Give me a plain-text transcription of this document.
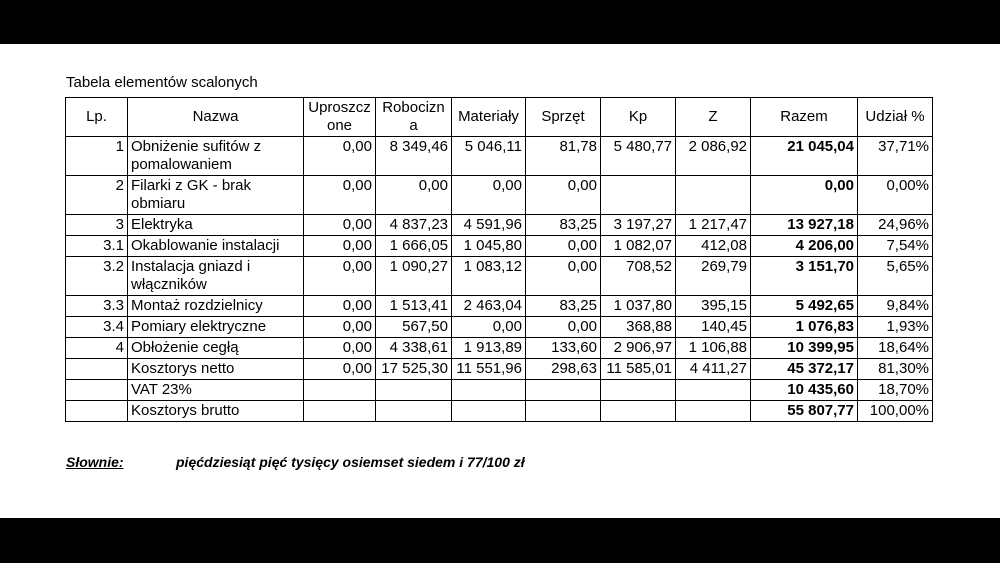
Tabela elementów scalonych
Lp.	Nazwa	Uproszcz one	Robocizn a	Materiały	Sprzęt	Kp	Z	Razem	Udział %
1	Obniżenie sufitów z pomalowaniem	0,00	8 349,46	5 046,11	81,78	5 480,77	2 086,92	21 045,04	37,71%
2	Filarki z GK - brak obmiaru	0,00	0,00	0,00	0,00			0,00	0,00%
3	Elektryka	0,00	4 837,23	4 591,96	83,25	3 197,27	1 217,47	13 927,18	24,96%
3.1	Okablowanie instalacji	0,00	1 666,05	1 045,80	0,00	1 082,07	412,08	4 206,00	7,54%
3.2	Instalacja gniazd i włączników	0,00	1 090,27	1 083,12	0,00	708,52	269,79	3 151,70	5,65%
3.3	Montaż rozdzielnicy	0,00	1 513,41	2 463,04	83,25	1 037,80	395,15	5 492,65	9,84%
3.4	Pomiary elektryczne	0,00	567,50	0,00	0,00	368,88	140,45	1 076,83	1,93%
4	Obłożenie cegłą	0,00	4 338,61	1 913,89	133,60	2 906,97	1 106,88	10 399,95	18,64%
	Kosztorys netto	0,00	17 525,30	11 551,96	298,63	11 585,01	4 411,27	45 372,17	81,30%
	VAT 23%							10 435,60	18,70%
	Kosztorys brutto							55 807,77	100,00%
Słownie:	pięćdziesiąt pięć tysięcy osiemset siedem i 77/100 zł
